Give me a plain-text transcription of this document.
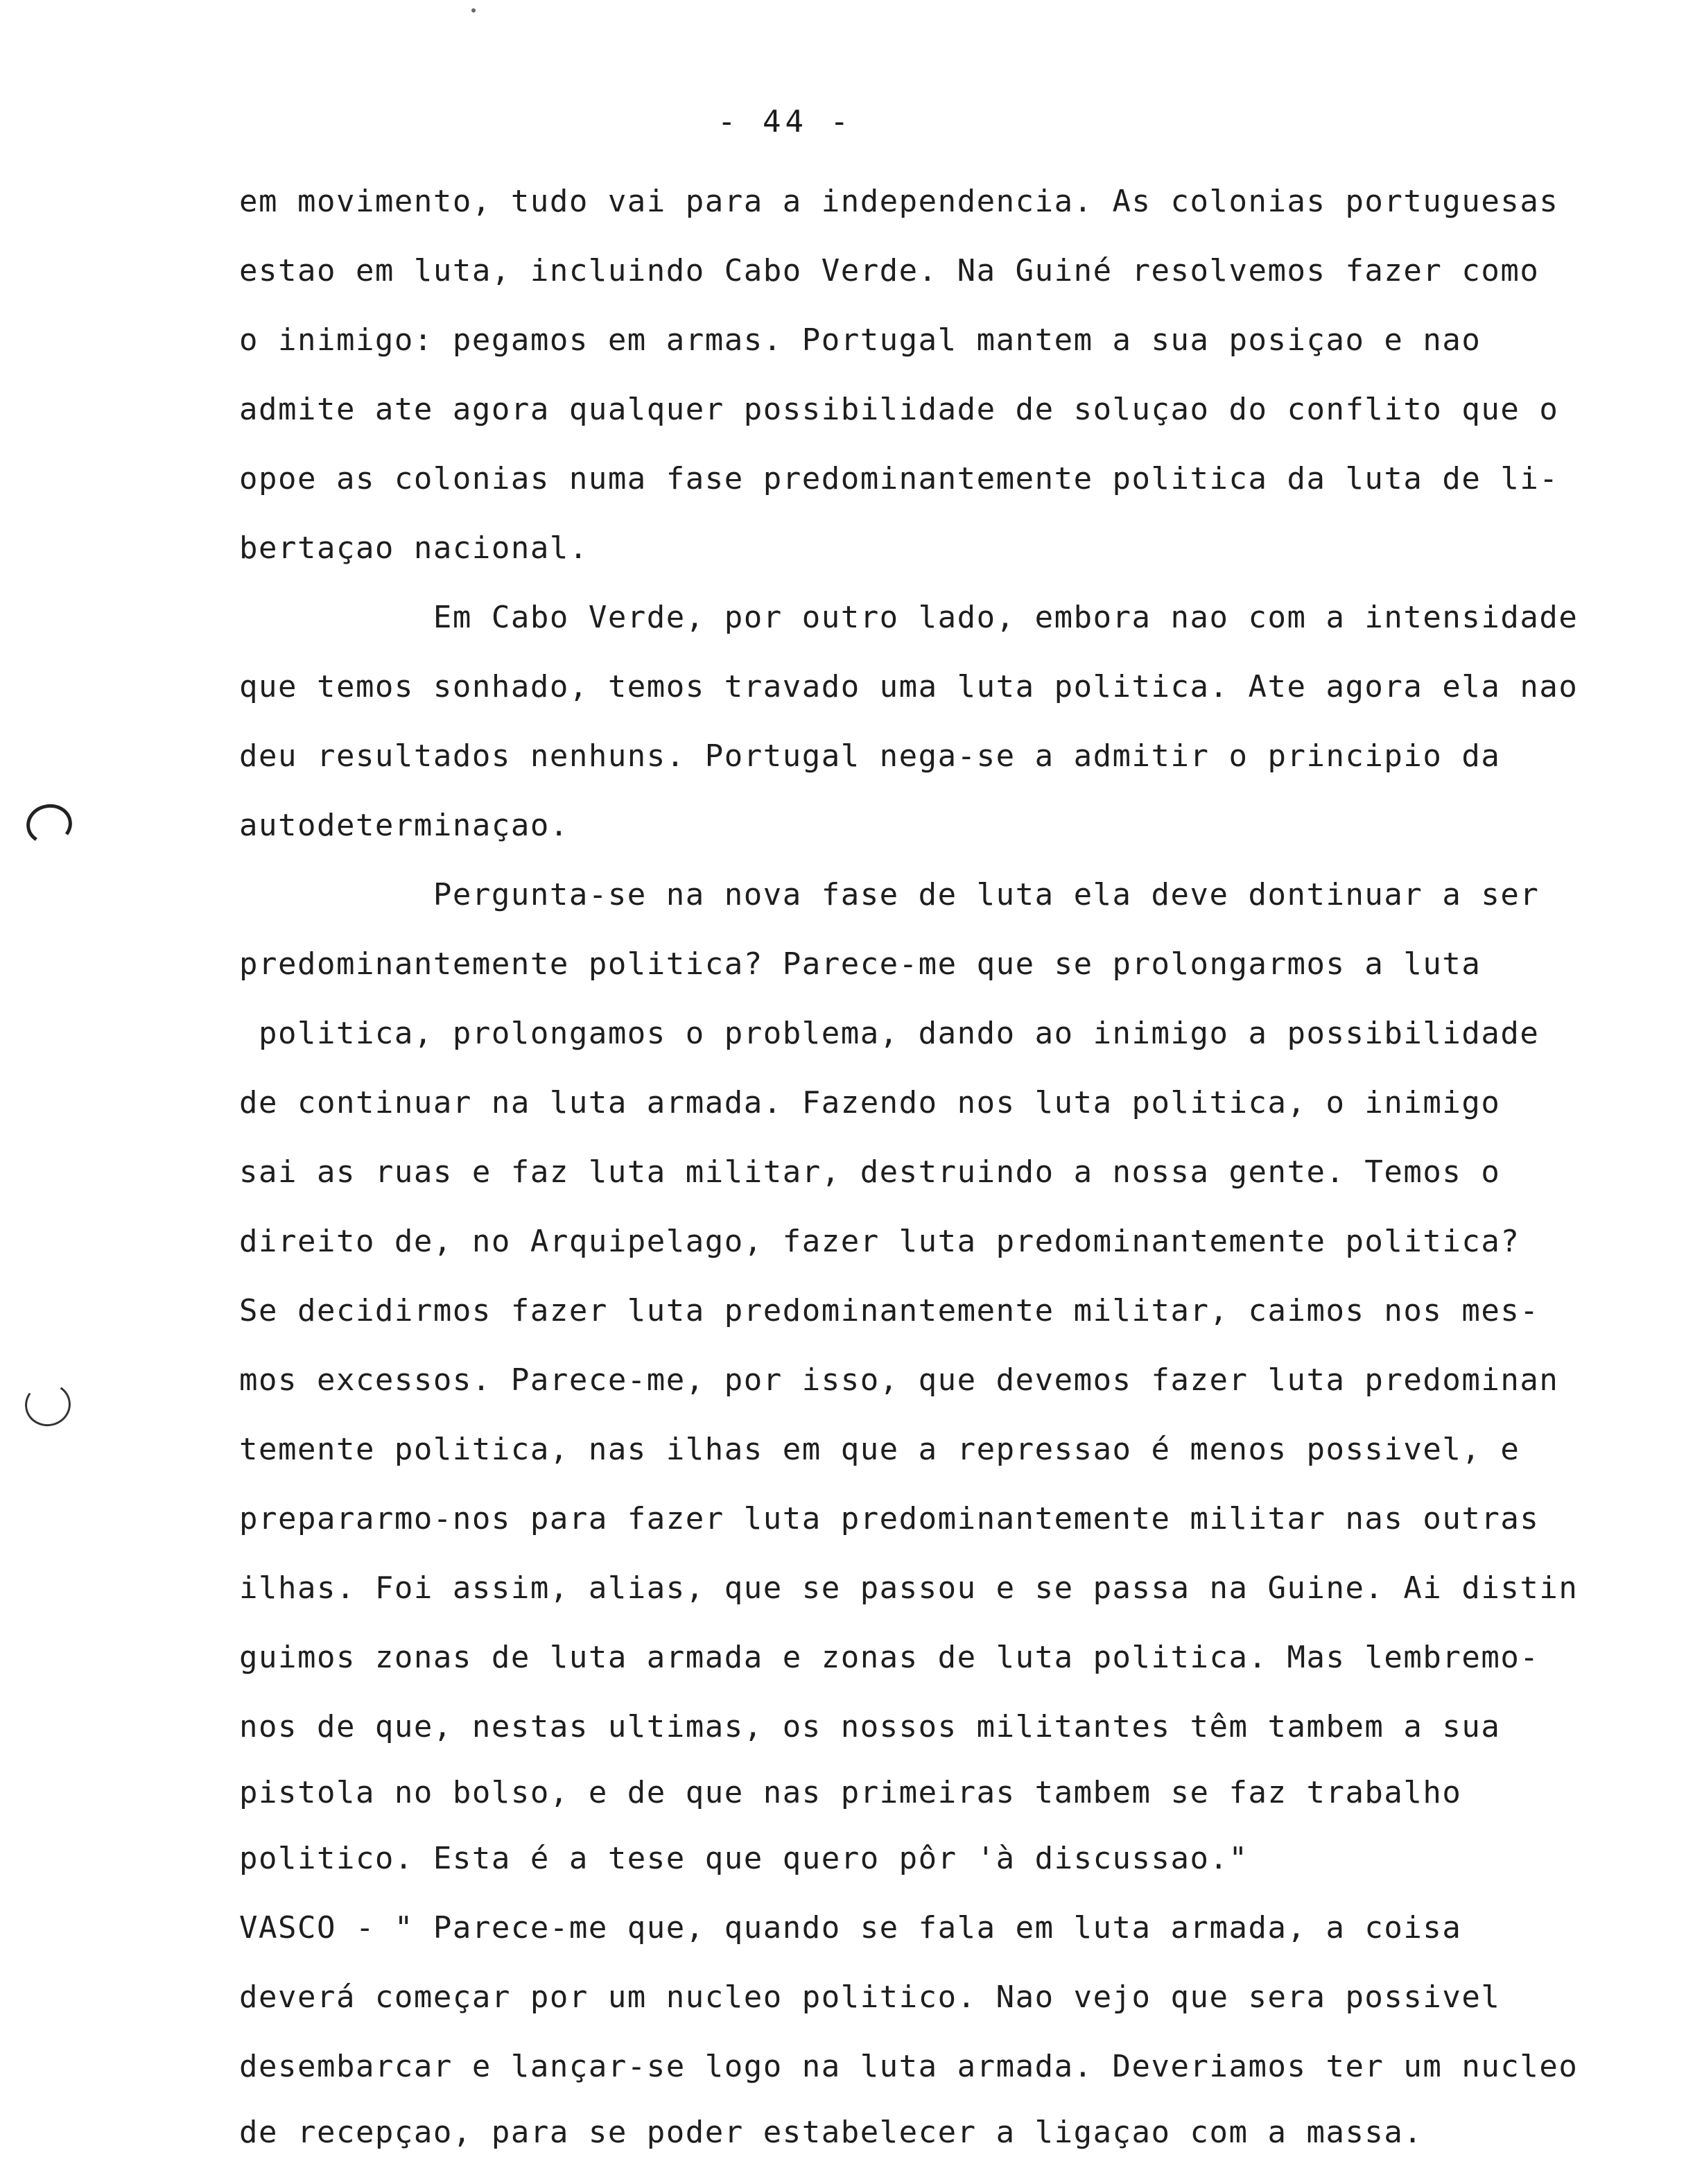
- 44 -
em movimento, tudo vai para a independencia. As colonias portuguesas
estao em luta, incluindo Cabo Verde. Na Guiné resolvemos fazer como
o inimigo: pegamos em armas. Portugal mantem a sua posiçao e nao
admite ate agora qualquer possibilidade de soluçao do conflito que o
opoe as colonias numa fase predominantemente politica da luta de li-
bertaçao nacional.
Em Cabo Verde, por outro lado, embora nao com a intensidade
que temos sonhado, temos travado uma luta politica. Ate agora ela nao
deu resultados nenhuns. Portugal nega-se a admitir o principio da
autodeterminaçao.
Pergunta-se na nova fase de luta ela deve dontinuar a ser
predominantemente politica? Parece-me que se prolongarmos a luta
politica, prolongamos o problema, dando ao inimigo a possibilidade
de continuar na luta armada. Fazendo nos luta politica, o inimigo
sai as ruas e faz luta militar, destruindo a nossa gente. Temos o
direito de, no Arquipelago, fazer luta predominantemente politica?
Se decidirmos fazer luta predominantemente militar, caimos nos mes-
mos excessos. Parece-me, por isso, que devemos fazer luta predominan
temente politica, nas ilhas em que a repressao é menos possivel, e
prepararmo-nos para fazer luta predominantemente militar nas outras
ilhas. Foi assim, alias, que se passou e se passa na Guine. Ai distin
guimos zonas de luta armada e zonas de luta politica. Mas lembremo-
nos de que, nestas ultimas, os nossos militantes têm tambem a sua
pistola no bolso, e de que nas primeiras tambem se faz trabalho
politico. Esta é a tese que quero pôr 'à discussao."
VASCO - " Parece-me que, quando se fala em luta armada, a coisa
deverá começar por um nucleo politico. Nao vejo que sera possivel
desembarcar e lançar-se logo na luta armada. Deveriamos ter um nucleo
de recepçao, para se poder estabelecer a ligaçao com a massa.
